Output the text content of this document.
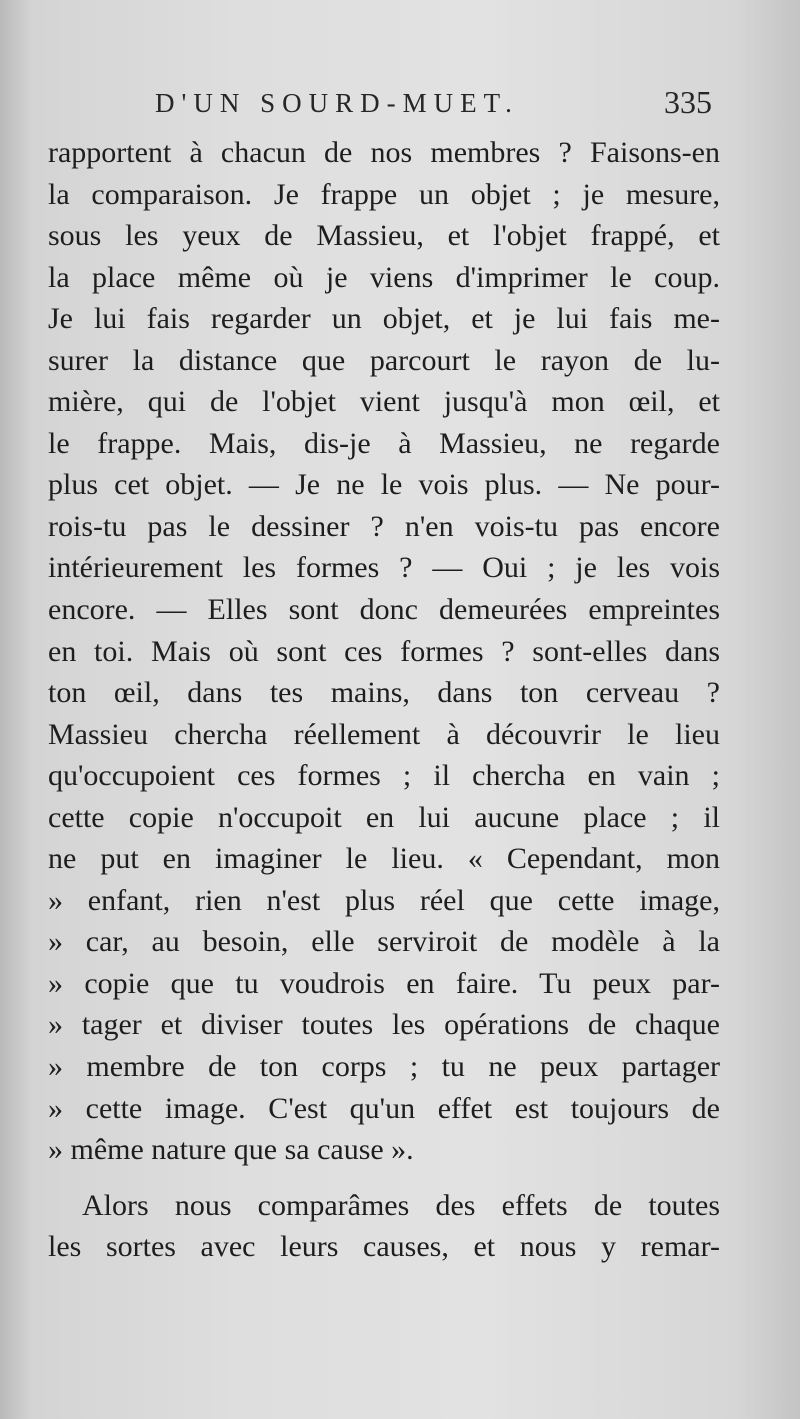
D'UN SOURD-MUET.	335
rapportent à chacun de nos membres ? Faisons-en
la comparaison. Je frappe un objet ; je mesure,
sous les yeux de Massieu, et l'objet frappé, et
la place même où je viens d'imprimer le coup.
Je lui fais regarder un objet, et je lui fais me-
surer la distance que parcourt le rayon de lu-
mière, qui de l'objet vient jusqu'à mon œil, et
le frappe. Mais, dis-je à Massieu, ne regarde
plus cet objet. — Je ne le vois plus. — Ne pour-
rois-tu pas le dessiner ? n'en vois-tu pas encore
intérieurement les formes ? — Oui ; je les vois
encore. — Elles sont donc demeurées empreintes
en toi. Mais où sont ces formes ? sont-elles dans
ton œil, dans tes mains, dans ton cerveau ?
Massieu chercha réellement à découvrir le lieu
qu'occupoient ces formes ; il chercha en vain ;
cette copie n'occupoit en lui aucune place ; il
ne put en imaginer le lieu. « Cependant, mon
» enfant, rien n'est plus réel que cette image,
» car, au besoin, elle serviroit de modèle à la
» copie que tu voudrois en faire. Tu peux par-
» tager et diviser toutes les opérations de chaque
» membre de ton corps ; tu ne peux partager
» cette image. C'est qu'un effet est toujours de
» même nature que sa cause ».
Alors nous comparâmes des effets de toutes
les sortes avec leurs causes, et nous y remar-
